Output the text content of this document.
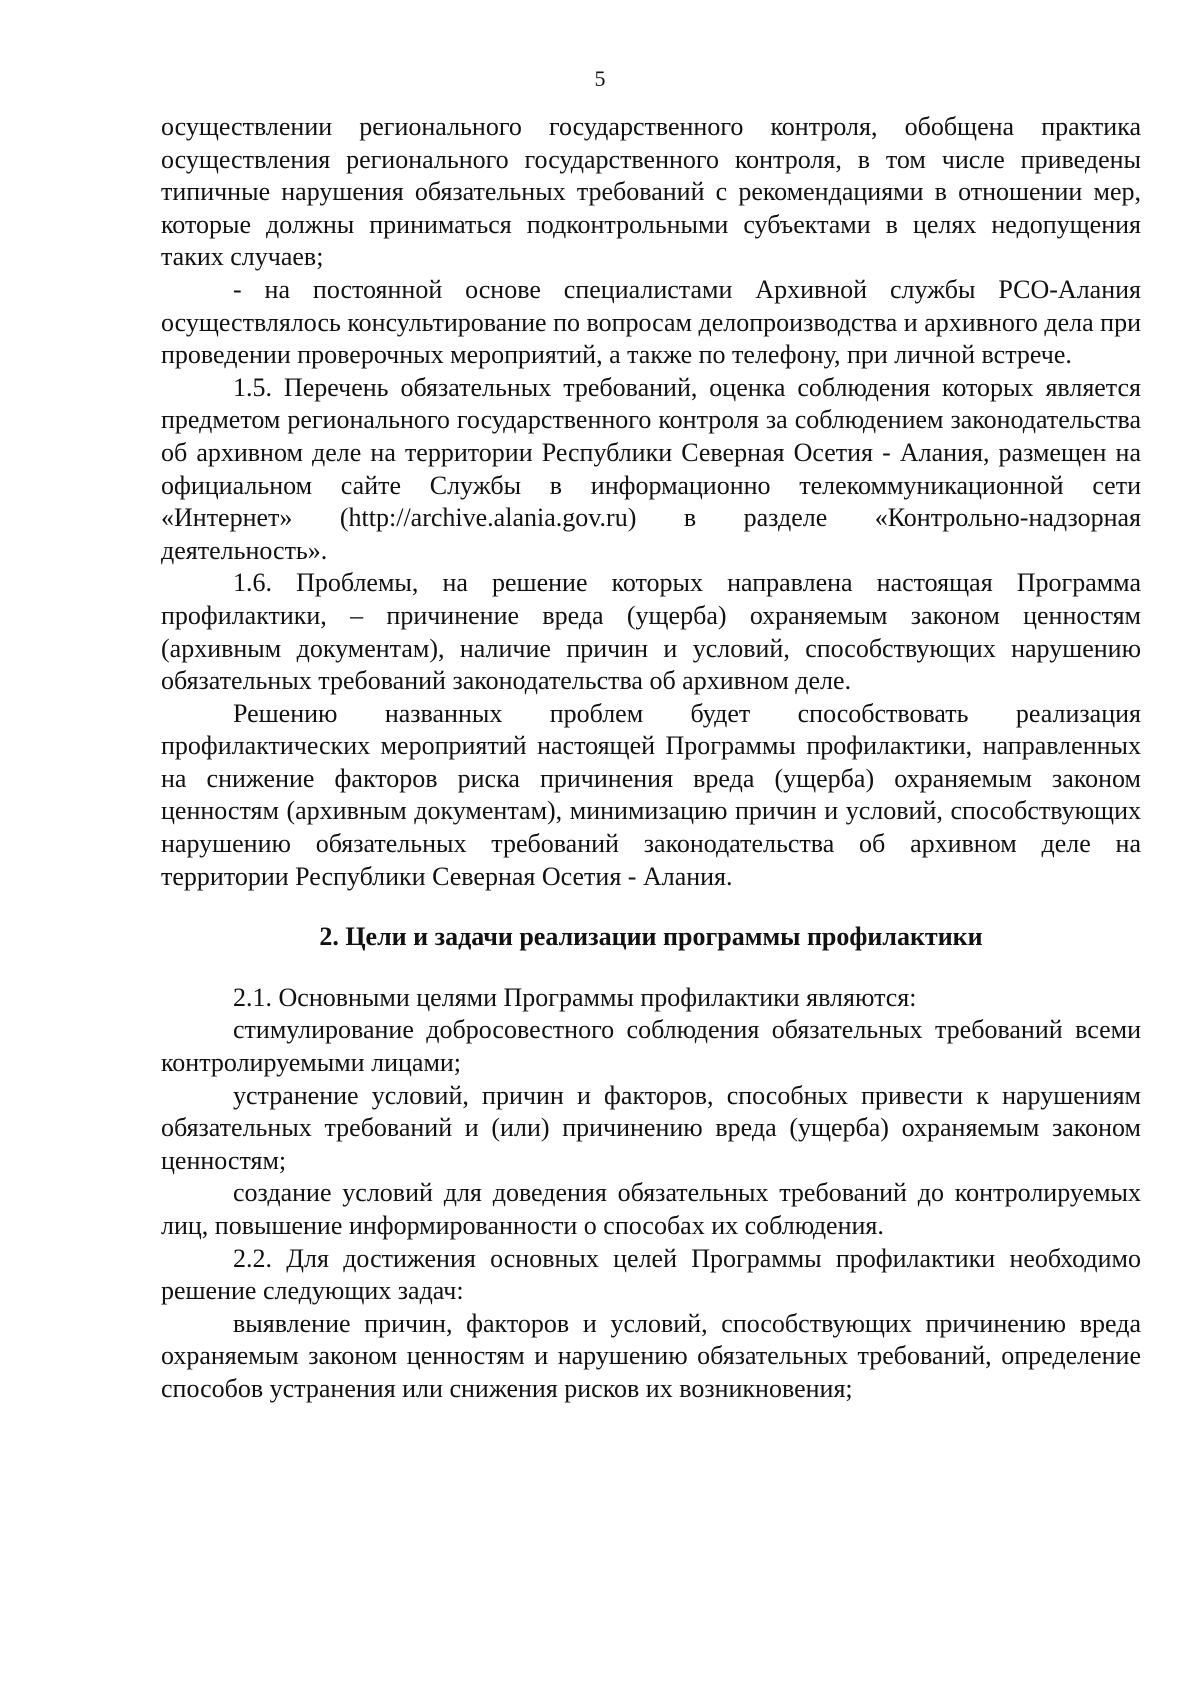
5

осуществлении регионального государственного контроля, обобщена практика осуществления регионального государственного контроля, в том числе приведены типичные нарушения обязательных требований с рекомендациями в отношении мер, которые должны приниматься подконтрольными субъектами в целях недопущения таких случаев;

- на постоянной основе специалистами Архивной службы РСО-Алания осуществлялось консультирование по вопросам делопроизводства и архивного дела при проведении проверочных мероприятий, а также по телефону, при личной встрече.

1.5. Перечень обязательных требований, оценка соблюдения которых является предметом регионального государственного контроля за соблюдением законодательства об архивном деле на территории Республики Северная Осетия - Алания, размещен на официальном сайте Службы в информационно телекоммуникационной сети «Интернет» (http://archive.alania.gov.ru) в разделе «Контрольно-надзорная деятельность».

1.6. Проблемы, на решение которых направлена настоящая Программа профилактики, – причинение вреда (ущерба) охраняемым законом ценностям (архивным документам), наличие причин и условий, способствующих нарушению обязательных требований законодательства об архивном деле.

Решению названных проблем будет способствовать реализация профилактических мероприятий настоящей Программы профилактики, направленных на снижение факторов риска причинения вреда (ущерба) охраняемым законом ценностям (архивным документам), минимизацию причин и условий, способствующих нарушению обязательных требований законодательства об архивном деле на территории Республики Северная Осетия - Алания.

2. Цели и задачи реализации программы профилактики

2.1. Основными целями Программы профилактики являются:

стимулирование добросовестного соблюдения обязательных требований всеми контролируемыми лицами;

устранение условий, причин и факторов, способных привести к нарушениям обязательных требований и (или) причинению вреда (ущерба) охраняемым законом ценностям;

создание условий для доведения обязательных требований до контролируемых лиц, повышение информированности о способах их соблюдения.

2.2. Для достижения основных целей Программы профилактики необходимо решение следующих задач:

выявление причин, факторов и условий, способствующих причинению вреда охраняемым законом ценностям и нарушению обязательных требований, определение способов устранения или снижения рисков их возникновения;
